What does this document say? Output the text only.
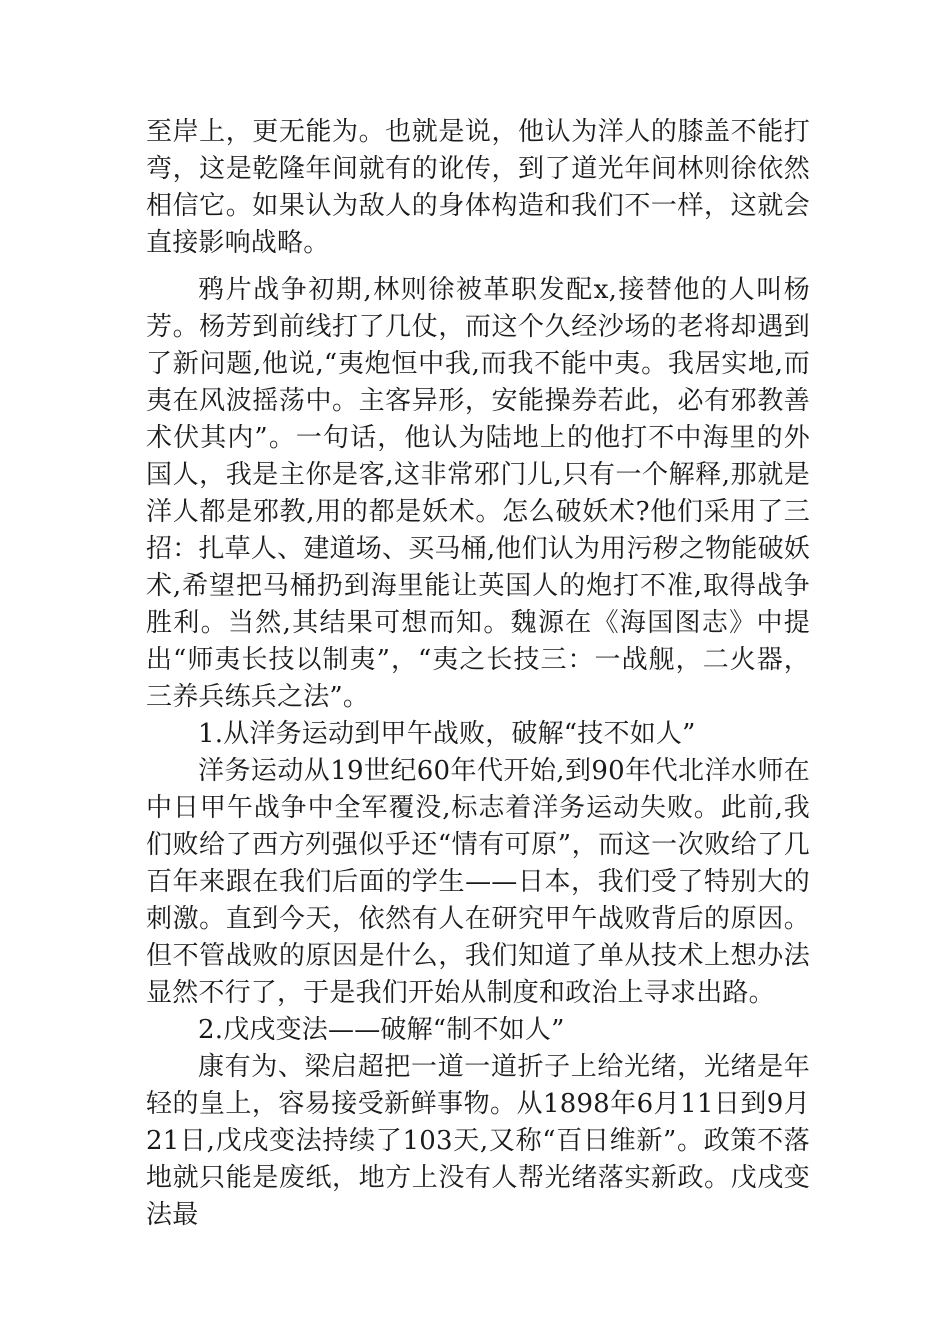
至岸上，更无能为。也就是说，他认为洋人的膝盖不能打弯，这是乾隆年间就有的讹传，到了道光年间林则徐依然相信它。如果认为敌人的身体构造和我们不一样，这就会直接影响战略。

鸦片战争初期,林则徐被革职发配x,接替他的人叫杨芳。杨芳到前线打了几仗，而这个久经沙场的老将却遇到了新问题,他说,“夷炮恒中我,而我不能中夷。我居实地,而夷在风波摇荡中。主客异形，安能操券若此，必有邪教善术伏其内”。一句话，他认为陆地上的他打不中海里的外国人，我是主你是客,这非常邪门儿,只有一个解释,那就是洋人都是邪教,用的都是妖术。怎么破妖术?他们采用了三招：扎草人、建道场、买马桶,他们认为用污秽之物能破妖术,希望把马桶扔到海里能让英国人的炮打不准,取得战争胜利。当然,其结果可想而知。魏源在《海国图志》中提出“师夷长技以制夷”，“夷之长技三：一战舰，二火器，三养兵练兵之法”。

1.从洋务运动到甲午战败，破解“技不如人”

洋务运动从19世纪60年代开始,到90年代北洋水师在中日甲午战争中全军覆没,标志着洋务运动失败。此前,我们败给了西方列强似乎还“情有可原”，而这一次败给了几百年来跟在我们后面的学生——日本，我们受了特别大的刺激。直到今天，依然有人在研究甲午战败背后的原因。但不管战败的原因是什么，我们知道了单从技术上想办法显然不行了，于是我们开始从制度和政治上寻求出路。

2.戊戌变法——破解“制不如人”

康有为、梁启超把一道一道折子上给光绪，光绪是年轻的皇上，容易接受新鲜事物。从1898年6月11日到9月21日,戊戌变法持续了103天,又称“百日维新”。政策不落地就只能是废纸，地方上没有人帮光绪落实新政。戊戌变法最
